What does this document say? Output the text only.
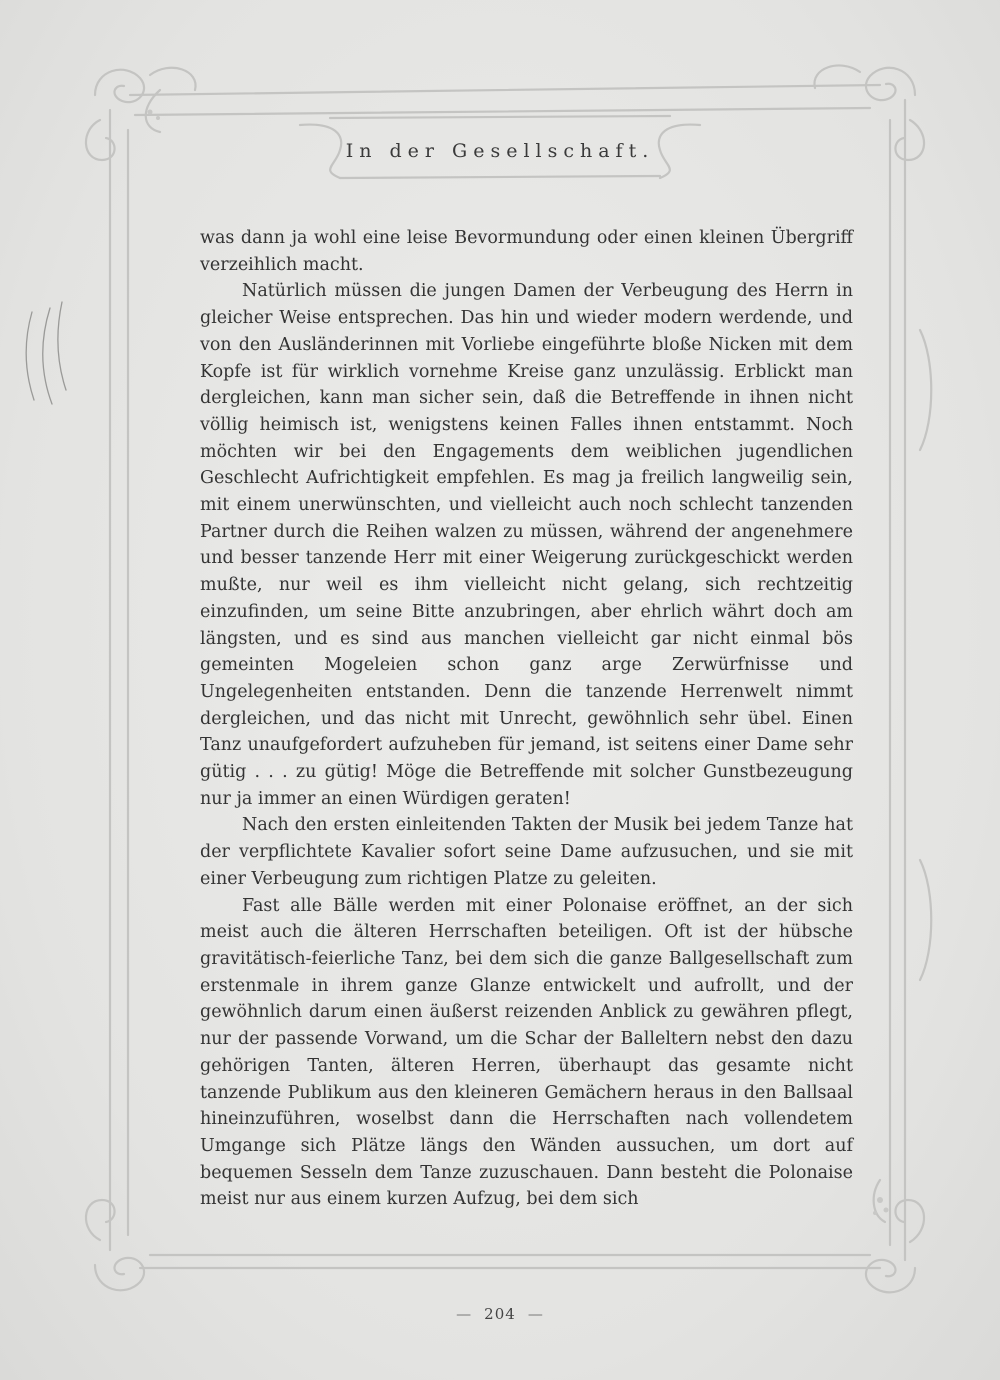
In der Gesellschaft.

was dann ja wohl eine leise Bevormundung oder einen kleinen Übergriff verzeihlich macht.

Natürlich müssen die jungen Damen der Verbeugung des Herrn in gleicher Weise entsprechen. Das hin und wieder modern werdende, und von den Ausländerinnen mit Vorliebe eingeführte bloße Nicken mit dem Kopfe ist für wirklich vornehme Kreise ganz unzulässig. Erblickt man dergleichen, kann man sicher sein, daß die Betreffende in ihnen nicht völlig heimisch ist, wenigstens keinen Falles ihnen entstammt. Noch möchten wir bei den Engagements dem weiblichen jugendlichen Geschlecht Aufrichtigkeit empfehlen. Es mag ja freilich langweilig sein, mit einem unerwünschten, und vielleicht auch noch schlecht tanzenden Partner durch die Reihen walzen zu müssen, während der angenehmere und besser tanzende Herr mit einer Weigerung zurückgeschickt werden mußte, nur weil es ihm vielleicht nicht gelang, sich rechtzeitig einzufinden, um seine Bitte anzubringen, aber ehrlich währt doch am längsten, und es sind aus manchen vielleicht gar nicht einmal bös gemeinten Mogeleien schon ganz arge Zerwürfnisse und Ungelegenheiten entstanden. Denn die tanzende Herrenwelt nimmt dergleichen, und das nicht mit Unrecht, gewöhnlich sehr übel. Einen Tanz unaufgefordert aufzuheben für jemand, ist seitens einer Dame sehr gütig . . . zu gütig! Möge die Betreffende mit solcher Gunstbezeugung nur ja immer an einen Würdigen geraten!

Nach den ersten einleitenden Takten der Musik bei jedem Tanze hat der verpflichtete Kavalier sofort seine Dame aufzusuchen, und sie mit einer Verbeugung zum richtigen Platze zu geleiten.

Fast alle Bälle werden mit einer Polonaise eröffnet, an der sich meist auch die älteren Herrschaften beteiligen. Oft ist der hübsche gravitätisch-feierliche Tanz, bei dem sich die ganze Ballgesellschaft zum erstenmale in ihrem ganze Glanze entwickelt und aufrollt, und der gewöhnlich darum einen äußerst reizenden Anblick zu gewähren pflegt, nur der passende Vorwand, um die Schar der Balleltern nebst den dazu gehörigen Tanten, älteren Herren, überhaupt das gesamte nicht tanzende Publikum aus den kleineren Gemächern heraus in den Ballsaal hineinzuführen, woselbst dann die Herrschaften nach vollendetem Umgange sich Plätze längs den Wänden aussuchen, um dort auf bequemen Sesseln dem Tanze zuzuschauen. Dann besteht die Polonaise meist nur aus einem kurzen Aufzug, bei dem sich

— 204 —
